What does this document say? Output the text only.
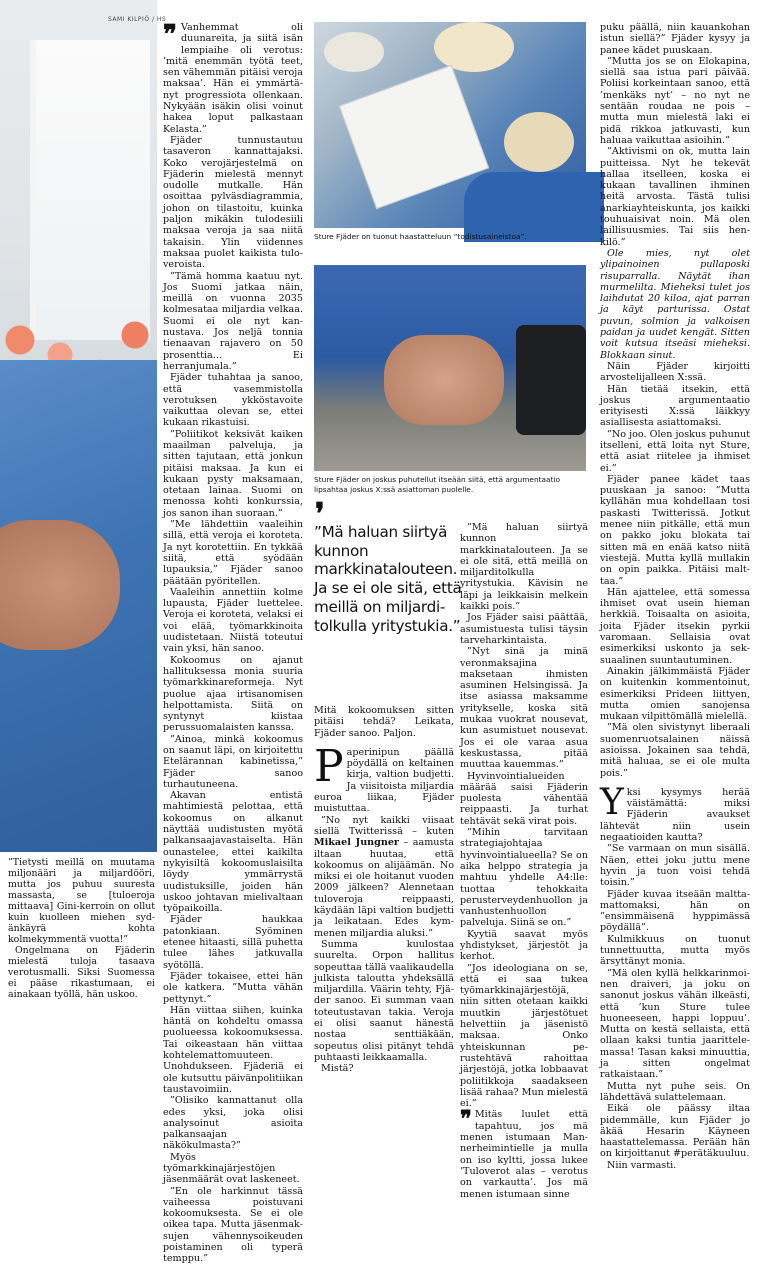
SAMI KILPIÖ / HS

”Tietysti meillä on muutama miljonääri ja miljardööri, mutta jos puhuu suuresta massasta, se [tuloeroja mittaava] Gini-kerroin on ollut kuin kuolleen miehen sydänkäyrä kohta kolmekymmentä vuotta!”

Ongelmana on Fjäderin mielestä tuloja tasaava verotusmalli. Siksi Suomessa ei pääse rikastumaan, ei ainakaan työllä, hän uskoo.

❞ Vanhemmat oli duunareita, ja siitä isän lempiaihe oli verotus: ’mitä enemmän työtä teet, sen vähemmän pitäisi veroja maksaa’. Hän ei ymmärtänyt progressiota ollenkaan. Nykyään isäkin olisi voinut hakea loput palkastaan Kelasta.”

Fjäder tunnustautuu tasaveron kannattajaksi. Koko verojärjestelmä on Fjäderin mielestä mennyt oudolle mutkalle. Hän osoittaa pylväsdiagrammia, johon on tilastoitu, kuinka paljon mikäkin tulodesiili maksaa veroja ja saa niitä takaisin. Ylin viidennes maksaa puolet kaikista tuloveroista.

”Tämä homma kaatuu nyt. Jos Suomi jatkaa näin, meillä on vuonna 2035 kolmesataa miljardia velkaa. Suomi ei ole nyt kannustava. Jos neljä tonnia tienaavan rajavero on 50 prosenttia… Ei herranjumala.”

Fjäder tuhahtaa ja sanoo, että vasemmistolla verotuksen ykköstavoite vaikuttaa olevan se, ettei kukaan rikastuisi.

”Poliitikot keksivät kaiken maailman palveluja, ja sitten tajutaan, että jonkun pitäisi maksaa. Ja kun ei kukaan pysty maksamaan, otetaan lainaa. Suomi on menossa kohti konkurssia, jos sanon ihan suoraan.”

”Me lähdettiin vaaleihin sillä, että veroja ei koroteta. Ja nyt korotettiin. En tykkää siitä, että syödään lupauksia,” Fjäder sanoo päätään pyöritellen.

Vaaleihin annettiin kolme lupausta, Fjäder luettelee. Veroja ei koroteta, velaksi ei voi elää, työmarkkinoita uudistetaan. Niistä toteutui vain yksi, hän sanoo.

Kokoomus on ajanut hallituksessa monia suuria työmarkkinareformeja. Nyt puolue ajaa irtisanomisen helpottamista. Siitä on syntynyt kiistaa perussuomalaisten kanssa.

”Ainoa, minkä kokoomus on saanut läpi, on kirjoitettu Etelärannan kabinetissa,” Fjäder sanoo turhautuneena.

Akavan entistä mahtimiestä pelottaa, että kokoomus on alkanut näyttää uudistusten myötä palkansaajavastaiselta. Hän ounastelee, ettei kaikilta nykyisiltä kokoomuslaisilta löydy ymmärrystä uudistuksille, joiden hän uskoo johtavan mielivaltaan työpaikoilla.

Fjäder haukkaa patonkiaan. Syöminen etenee hitaasti, sillä puhetta tulee lähes jatkuvalla syötöllä.

Fjäder tokaisee, ettei hän ole katkera. ”Mutta vähän pettynyt.”

Hän viittaa siihen, kuinka häntä on kohdeltu omassa puolueessa kokoomuksessa. Tai oikeastaan hän viittaa kohtelemattomuuteen. Unohdukseen. Fjäderiä ei ole kutsuttu päivänpolitiikan taustavoimiin.

”Olisiko kannattanut olla edes yksi, joka olisi analysoinut asioita palkansaajan näkökulmasta?”

Myös työmarkkinajärjestöjen jäsenmäärät ovat laskeneet.

”En ole harkinnut tässä vaiheessa poistuvani kokoomuksesta. Se ei ole oikea tapa. Mutta jäsenmaksujen vähennysoikeuden poistaminen oli typerä temppu.”

Sture Fjäder on tuonut haastatteluun ”todistusaineistoa”.
Sture Fjäder on joskus puhutellut itseään siitä, että argumentaatio lipsahtaa joskus X:ssä asiattoman puolelle.
❜
”Mä haluan siirtyä kunnon markkinatalouteen. Ja se ei ole sitä, että meillä on miljarditolkulla yritystukia.”

Mitä kokoomuksen sitten pitäisi tehdä? Leikata, Fjäder sanoo. Paljon.

Paperinipun päällä pöydällä on keltainen kirja, valtion budjetti. Ja viisitoista miljardia euroa liikaa, Fjäder muistuttaa.

”No nyt kaikki viisaat siellä Twitterissä – kuten Mikael Jungner – aamusta iltaan huutaa, että kokoomus on alijäämän. No miksi ei ole hoitanut vuoden 2009 jälkeen? Alennetaan tuloveroja reippaasti, käydään läpi valtion budjetti ja leikataan. Edes kymmenen miljardia aluksi.”

Summa kuulostaa suurelta. Orpon hallitus sopeuttaa tällä vaalikaudella julkista taloutta yhdeksällä miljardilla. Väärin tehty, Fjäder sanoo. Ei summan vaan toteutustavan takia. Veroja ei olisi saanut hänestä nostaa senttiäkään, sopeutus olisi pitänyt tehdä puhtaasti leikkaamalla.

Mistä?

”Mä haluan siirtyä kunnon markkinatalouteen. Ja se ei ole sitä, että meillä on miljarditolkulla yritystukia. Kävisin ne läpi ja leikkaisin melkein kaikki pois.”

Jos Fjäder saisi päättää, asumistuesta tulisi täysin tarveharkintaista.

”Nyt sinä ja minä veronmaksajina maksetaan ihmisten asuminen Helsingissä. Ja itse asiassa maksamme yritykselle, koska sitä mukaa vuokrat nousevat, kun asumistuet nousevat. Jos ei ole varaa asua keskustassa, pitää muuttaa kauemmas.”

Hyvinvointialueiden määrää saisi Fjäderin puolesta vähentää reippaasti. Ja turhat tehtävät sekä virat pois.

”Mihin tarvitaan strategiajohtajaa hyvinvointialueella? Se on aika helppo strategia ja mahtuu yhdelle A4:lle: tuottaa tehokkaita perusterveydenhuollon ja vanhustenhuollon palveluja. Siinä se on.”

Kyytiä saavat myös yhdistykset, järjestöt ja kerhot.

”Jos ideologiana on se, että ei saa tukea työmarkkinajärjestöjä, niin sitten otetaan kaikki muutkin järjestötuet helvettiin ja jäsenistö maksaa. Onko yhteiskunnan perustehtävä rahoittaa järjestöjä, jotka lobbaavat poliitikkoja saadakseen lisää rahaa? Mun mielestä ei.”

❞ Mitäs luulet että tapahtuu, jos mä menen istumaan Mannerheimintielle ja mulla on iso kyltti, jossa lukee ’Tuloverot alas – verotus on varkautta’. Jos mä menen istumaan sinne

puku päällä, niin kauankohan istun siellä?” Fjäder kysyy ja panee kädet puuskaan.

”Mutta jos se on Elokapina, siellä saa istua pari päivää. Poliisi korkeintaan sanoo, että ’menkäks nyt’ – no nyt ne sentään roudaa ne pois – mutta mun mielestä laki ei pidä rikkoa jatkuvasti, kun haluaa vaikuttaa asioihin.”

”Aktivismi on ok, mutta lain puitteissa. Nyt he tekevät hallaa itselleen, koska ei kukaan tavallinen ihminen heitä arvosta. Tästä tulisi anarkiayhteiskunta, jos kaikki touhuaisivat noin. Mä olen laillisuusmies. Tai siis henkilö.”

Ole mies, nyt olet ylipainoinen pullaposki risuparralla. Näytät ihan murmelilta. Mieheksi tulet jos laihdutat 20 kiloa, ajat parran ja käyt parturissa. Ostat puvun, solmion ja valkoisen paidan ja uudet kengät. Sitten voit kutsua itseäsi mieheksi. Blokkaan sinut.

Näin Fjäder kirjoitti arvostelijalleen X:ssä.

Hän tietää itsekin, että joskus argumentaatio erityisesti X:ssä läikkyy asiallisesta asiattomaksi.

”No joo. Olen joskus puhunut itselleni, että loita nyt Sture, että asiat riitelee ja ihmiset ei.”

Fjäder panee kädet taas puuskaan ja sanoo: ”Mutta kyllähän mua kohdellaan tosi paskasti Twitterissä. Jotkut menee niin pitkälle, että mun on pakko joku blokata tai sitten mä en enää katso niitä viestejä. Mutta kyllä mullakin on opin paikka. Pitäisi malttaa.”

Hän ajattelee, että somessa ihmiset ovat usein hieman herkkiä. Toisaalta on asioita, joita Fjäder itsekin pyrkii varomaan. Sellaisia ovat esimerkiksi uskonto ja seksuaalinen suuntautuminen.

Ainakin jälkimmäistä Fjäder on kuitenkin kommentoinut, esimerkiksi Prideen liittyen, mutta omien sanojensa mukaan vilpittömällä mielellä.

”Mä olen sivistynyt liberaali suomenruotsalainen näissä asioissa. Jokainen saa tehdä, mitä haluaa, se ei ole multa pois.”

Yksi kysymys herää väistämättä: miksi Fjäderin avaukset lähtevät niin usein negaatioiden kautta?

”Se varmaan on mun sisällä. Näen, ettei joku juttu mene hyvin ja tuon voisi tehdä toisin.”

Fjäder kuvaa itseään malttamattomaksi, hän on ”ensimmäisenä hyppimässä pöydällä”.

Kulmikkuus on tuonut tunnettuutta, mutta myös ärsyttänyt monia.

”Mä olen kyllä helkkarinmoinen draiveri, ja joku on sanonut joskus vähän ilkeästi, että ’kun Sture tulee huoneeseen, happi loppuu’. Mutta on kestä sellaista, että ollaan kaksi tuntia jaarittelemassa! Tasan kaksi minuuttia, ja sitten ongelmat ratkaistaan.”

Mutta nyt puhe seis. On lähdettävä sulattelemaan.

Eikä ole päässy iltaa pidemmälle, kun Fjäder jo äkää Hesarin Käyneen haastattelemassa. Perään hän on kirjoittanut #perätäkuuluu.

Niin varmasti.
